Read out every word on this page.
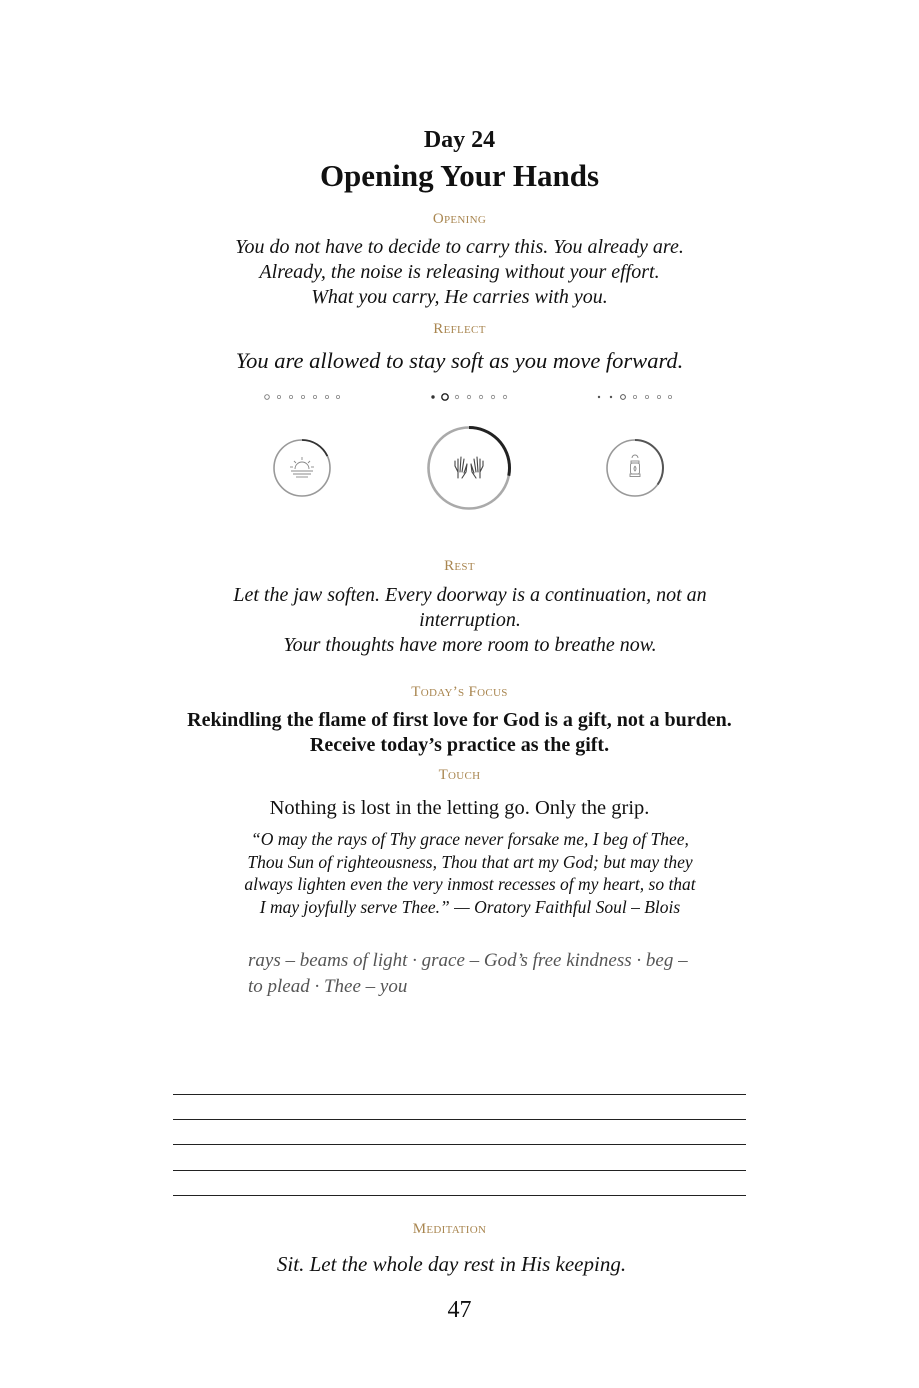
Day 24
Opening Your Hands
Opening
You do not have to decide to carry this. You already are.
Already, the noise is releasing without your effort.
What you carry, He carries with you.
Reflect
You are allowed to stay soft as you move forward.
Rest
Let the jaw soften. Every doorway is a continuation, not an interruption.
Your thoughts have more room to breathe now.
Today’s Focus
Rekindling the flame of first love for God is a gift, not a burden.
Receive today’s practice as the gift.
Touch
Nothing is lost in the letting go. Only the grip.
“O may the rays of Thy grace never forsake me, I beg of Thee, Thou Sun of righteousness, Thou that art my God; but may they always lighten even the very inmost recesses of my heart, so that I may joyfully serve Thee.” — Oratory Faithful Soul – Blois
rays – beams of light · grace – God’s free kindness · beg – to plead · Thee – you
Meditation
Sit. Let the whole day rest in His keeping.
47
